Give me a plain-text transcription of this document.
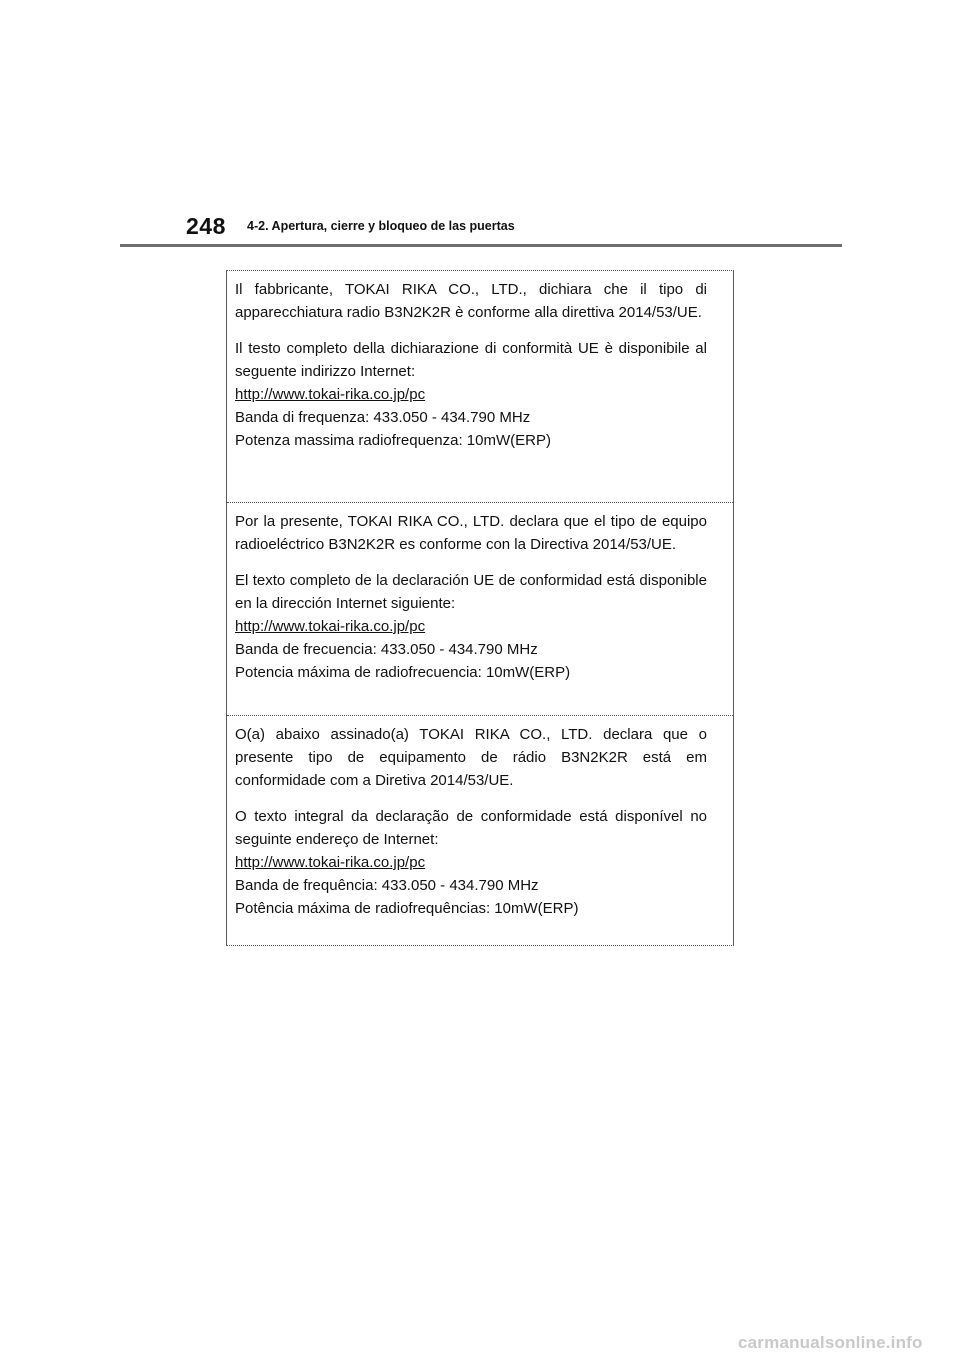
248 4-2. Apertura, cierre y bloqueo de las puertas

Il fabbricante, TOKAI RIKA CO., LTD., dichiara che il tipo di apparecchiatura radio B3N2K2R è conforme alla direttiva 2014/53/UE.

Il testo completo della dichiarazione di conformità UE è disponibile al seguente indirizzo Internet:

http://www.tokai-rika.co.jp/pc
Banda di frequenza: 433.050 - 434.790 MHz
Potenza massima radiofrequenza: 10mW(ERP)

Por la presente, TOKAI RIKA CO., LTD. declara que el tipo de equipo radioeléctrico B3N2K2R es conforme con la Directiva 2014/53/UE.

El texto completo de la declaración UE de conformidad está disponible en la dirección Internet siguiente:

http://www.tokai-rika.co.jp/pc
Banda de frecuencia: 433.050 - 434.790 MHz
Potencia máxima de radiofrecuencia: 10mW(ERP)

O(a) abaixo assinado(a) TOKAI RIKA CO., LTD. declara que o presente tipo de equipamento de rádio B3N2K2R está em conformidade com a Diretiva 2014/53/UE.

O texto integral da declaração de conformidade está disponível no seguinte endereço de Internet:

http://www.tokai-rika.co.jp/pc
Banda de frequência: 433.050 - 434.790 MHz
Potência máxima de radiofrequências: 10mW(ERP)
carmanualsonline.info
